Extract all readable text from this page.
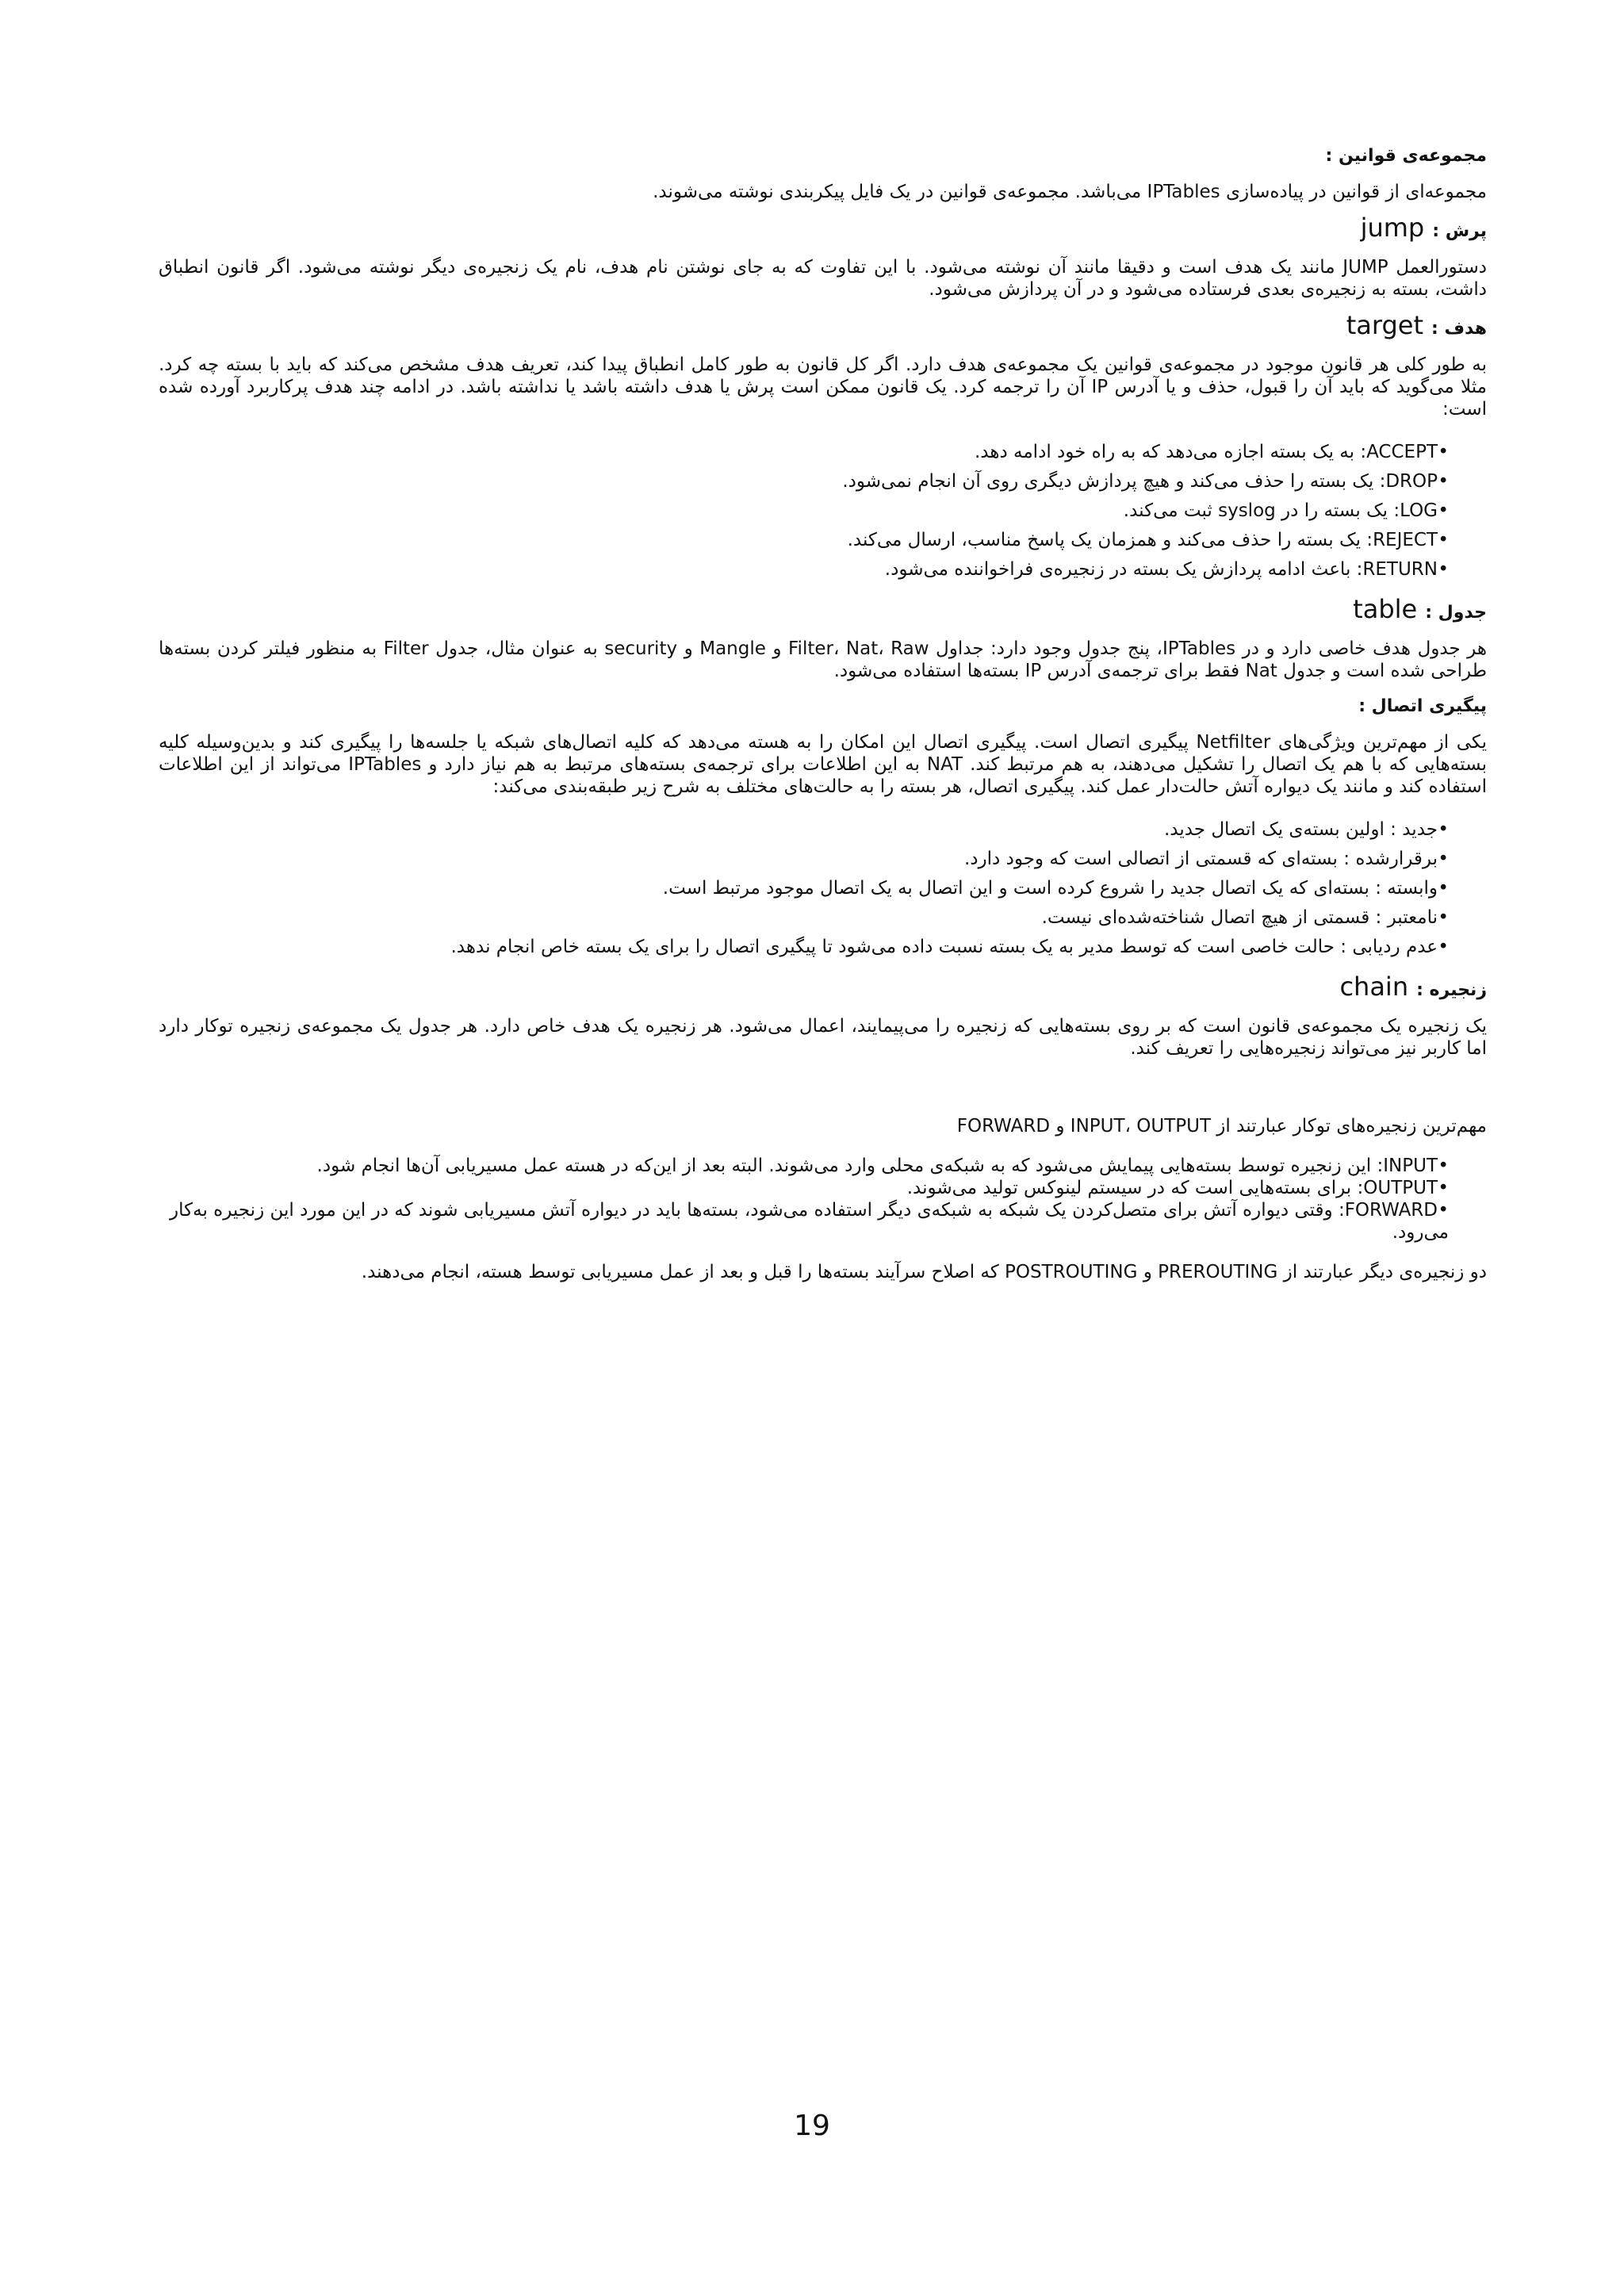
مجموعه‌ی قوانین :

مجموعه‌ای از قوانین در پیاده‌سازی IPTables می‌باشد. مجموعه‌ی قوانین در یک فایل پیکربندی نوشته می‌شوند.

پرش :jump

دستورالعمل JUMP مانند یک هدف است و دقیقا مانند آن نوشته می‌شود. با این تفاوت که به جای نوشتن نام هدف، نام یک زنجیره‌ی دیگر نوشته می‌شود. اگر قانون انطباق داشت، بسته به زنجیره‌ی بعدی فرستاده می‌شود و در آن پردازش می‌شود.

هدف :target

به طور کلی هر قانون موجود در مجموعه‌ی قوانین یک مجموعه‌ی هدف دارد. اگر کل قانون به طور کامل انطباق پیدا کند، تعریف هدف مشخص می‌کند که باید با بسته چه کرد. مثلا می‌گوید که باید آن را قبول، حذف و یا آدرس IP آن را ترجمه کرد. یک قانون ممکن است پرش یا هدف داشته باشد یا نداشته باشد. در ادامه چند هدف پرکاربرد آورده شده است:

•ACCEPT: به یک بسته اجازه می‌دهد که به راه خود ادامه دهد.
•DROP: یک بسته را حذف می‌کند و هیچ پردازش دیگری روی آن انجام نمی‌شود.
•LOG: یک بسته را در syslog ثبت می‌کند.
•REJECT: یک بسته را حذف می‌کند و همزمان یک پاسخ مناسب، ارسال می‌کند.
•RETURN: باعث ادامه پردازش یک بسته در زنجیره‌ی فراخواننده می‌شود.

جدول :table

هر جدول هدف خاصی دارد و در IPTables، پنج جدول وجود دارد: جداول Filter، Nat، Raw و Mangle و security به عنوان مثال، جدول Filter به منظور فیلتر کردن بسته‌ها طراحی شده است و جدول Nat فقط برای ترجمه‌ی آدرس IP بسته‌ها استفاده می‌شود.

پیگیری اتصال :

یکی از مهم‌ترین ویژگی‌های Netfilter پیگیری اتصال است. پیگیری اتصال این امکان را به هسته می‌دهد که کلیه اتصال‌های شبکه یا جلسه‌ها را پیگیری کند و بدین‌وسیله کلیه بسته‌هایی که با هم یک اتصال را تشکیل می‌دهند، به هم مرتبط کند. NAT به این اطلاعات برای ترجمه‌ی بسته‌های مرتبط به هم نیاز دارد و IPTables می‌تواند از این اطلاعات استفاده کند و مانند یک دیواره آتش حالت‌دار عمل کند. پیگیری اتصال، هر بسته را به حالت‌های مختلف به شرح زیر طبقه‌بندی می‌کند:

•جدید : اولین بسته‌ی یک اتصال جدید.
•برقرارشده : بسته‌ای که قسمتی از اتصالی است که وجود دارد.
•وابسته : بسته‌ای که یک اتصال جدید را شروع کرده است و این اتصال به یک اتصال موجود مرتبط است.
•نامعتبر : قسمتی از هیچ اتصال شناخته‌شده‌ای نیست.
•عدم ردیابی : حالت خاصی است که توسط مدیر به یک بسته نسبت داده می‌شود تا پیگیری اتصال را برای یک بسته خاص انجام ندهد.

زنجیره :chain

یک زنجیره یک مجموعه‌ی قانون است که بر روی بسته‌هایی که زنجیره را می‌پیمایند، اعمال می‌شود. هر زنجیره یک هدف خاص دارد. هر جدول یک مجموعه‌ی زنجیره توکار دارد اما کاربر نیز می‌تواند زنجیره‌هایی را تعریف کند.

مهم‌ترین زنجیره‌های توکار عبارتند از INPUT، OUTPUT و FORWARD

•INPUT: این زنجیره توسط بسته‌هایی پیمایش می‌شود که به شبکه‌ی محلی وارد می‌شوند. البته بعد از این‌که در هسته عمل مسیریابی آن‌ها انجام شود.
•OUTPUT: برای بسته‌هایی است که در سیستم لینوکس تولید می‌شوند.
•FORWARD: وقتی دیواره آتش برای متصل‌کردن یک شبکه به شبکه‌ی دیگر استفاده می‌شود، بسته‌ها باید در دیواره آتش مسیریابی شوند که در این مورد این زنجیره به‌کار می‌رود.

دو زنجیره‌ی دیگر عبارتند از PREROUTING و POSTROUTING که اصلاح سرآیند بسته‌ها را قبل و بعد از عمل مسیریابی توسط هسته، انجام می‌دهند.

19
